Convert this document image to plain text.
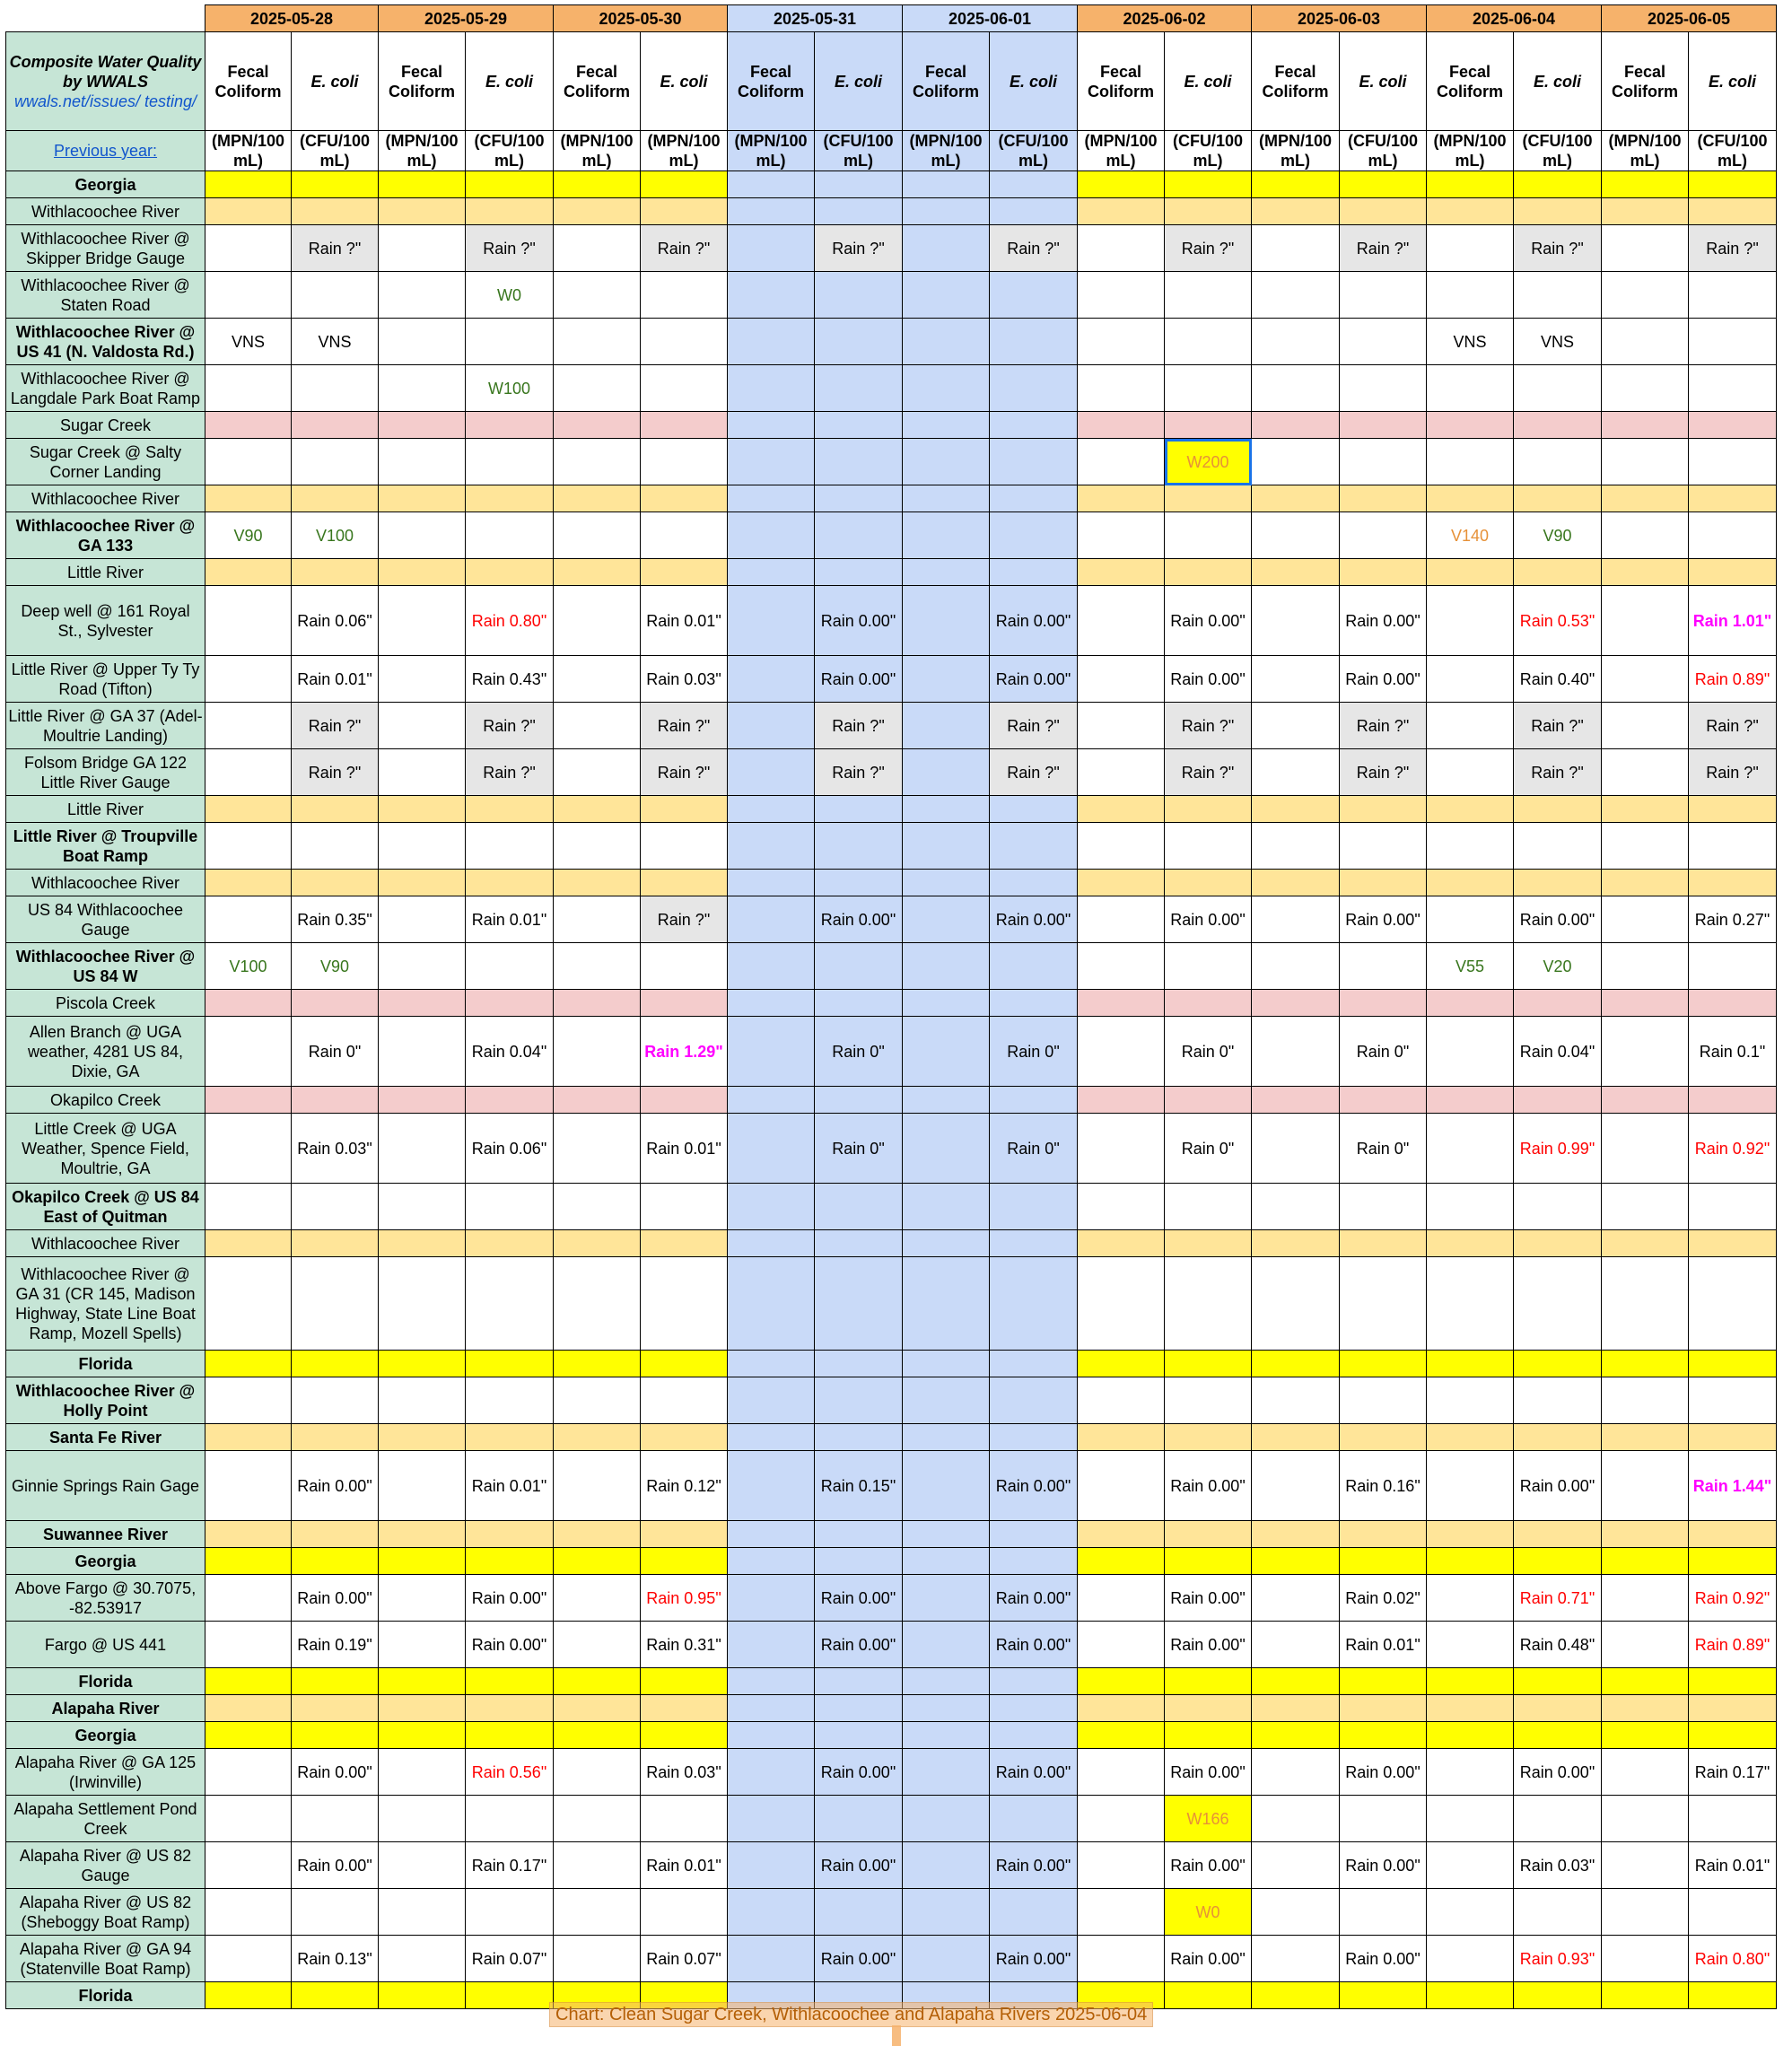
	2025-05-28		2025-05-29		2025-05-30		2025-05-31		2025-06-01		2025-06-02		2025-06-03		2025-06-04		2025-06-05	
Composite Water Quality by WWALS
wwals.net/issues/ testing/	Fecal Coliform	E. coli	Fecal Coliform	E. coli	Fecal Coliform	E. coli	Fecal Coliform	E. coli	Fecal Coliform	E. coli	Fecal Coliform	E. coli	Fecal Coliform	E. coli	Fecal Coliform	E. coli	Fecal Coliform	E. coli
Previous year:	(MPN/100 mL)	(CFU/100 mL)	(MPN/100 mL)	(CFU/100 mL)	(MPN/100 mL)	(MPN/100 mL)	(MPN/100 mL)	(CFU/100 mL)	(MPN/100 mL)	(CFU/100 mL)	(MPN/100 mL)	(CFU/100 mL)	(MPN/100 mL)	(CFU/100 mL)	(MPN/100 mL)	(CFU/100 mL)	(MPN/100 mL)	(CFU/100 mL)
Georgia																		
Withlacoochee River																		
Withlacoochee River @ Skipper Bridge Gauge		Rain ?"		Rain ?"		Rain ?"		Rain ?"		Rain ?"		Rain ?"		Rain ?"		Rain ?"		Rain ?"
Withlacoochee River @ Staten Road				W0														
Withlacoochee River @ US 41 (N. Valdosta Rd.)	VNS	VNS													VNS	VNS		
Withlacoochee River @ Langdale Park Boat Ramp				W100														
Sugar Creek																		
Sugar Creek @ Salty Corner Landing												W200						
Withlacoochee River																		
Withlacoochee River @ GA 133	V90	V100													V140	V90		
Little River																		
Deep well @ 161 Royal St., Sylvester		Rain 0.06"		Rain 0.80"		Rain 0.01"		Rain 0.00"		Rain 0.00"		Rain 0.00"		Rain 0.00"		Rain 0.53"		Rain 1.01"
Little River @ Upper Ty Ty Road (Tifton)		Rain 0.01"		Rain 0.43"		Rain 0.03"		Rain 0.00"		Rain 0.00"		Rain 0.00"		Rain 0.00"		Rain 0.40"		Rain 0.89"
Little River @ GA 37 (Adel-Moultrie Landing)		Rain ?"		Rain ?"		Rain ?"		Rain ?"		Rain ?"		Rain ?"		Rain ?"		Rain ?"		Rain ?"
Folsom Bridge GA 122 Little River Gauge		Rain ?"		Rain ?"		Rain ?"		Rain ?"		Rain ?"		Rain ?"		Rain ?"		Rain ?"		Rain ?"
Little River																		
Little River @ Troupville Boat Ramp																		
Withlacoochee River																		
US 84 Withlacoochee Gauge		Rain 0.35"		Rain 0.01"		Rain ?"		Rain 0.00"		Rain 0.00"		Rain 0.00"		Rain 0.00"		Rain 0.00"		Rain 0.27"
Withlacoochee River @ US 84 W	V100	V90													V55	V20		
Piscola Creek																		
Allen Branch @ UGA weather, 4281 US 84, Dixie, GA		Rain 0"		Rain 0.04"		Rain 1.29"		Rain 0"		Rain 0"		Rain 0"		Rain 0"		Rain 0.04"		Rain 0.1"
Okapilco Creek																		
Little Creek @ UGA Weather, Spence Field, Moultrie, GA		Rain 0.03"		Rain 0.06"		Rain 0.01"		Rain 0"		Rain 0"		Rain 0"		Rain 0"		Rain 0.99"		Rain 0.92"
Okapilco Creek @ US 84 East of Quitman																		
Withlacoochee River																		
Withlacoochee River @ GA 31 (CR 145, Madison Highway, State Line Boat Ramp, Mozell Spells)																		
Florida																		
Withlacoochee River @ Holly Point																		
Santa Fe River																		
Ginnie Springs Rain Gage		Rain 0.00"		Rain 0.01"		Rain 0.12"		Rain 0.15"		Rain 0.00"		Rain 0.00"		Rain 0.16"		Rain 0.00"		Rain 1.44"
Suwannee River																		
Georgia																		
Above Fargo @ 30.7075, -82.53917		Rain 0.00"		Rain 0.00"		Rain 0.95"		Rain 0.00"		Rain 0.00"		Rain 0.00"		Rain 0.02"		Rain 0.71"		Rain 0.92"
Fargo @ US 441		Rain 0.19"		Rain 0.00"		Rain 0.31"		Rain 0.00"		Rain 0.00"		Rain 0.00"		Rain 0.01"		Rain 0.48"		Rain 0.89"
Florida																		
Alapaha River																		
Georgia																		
Alapaha River @ GA 125 (Irwinville)		Rain 0.00"		Rain 0.56"		Rain 0.03"		Rain 0.00"		Rain 0.00"		Rain 0.00"		Rain 0.00"		Rain 0.00"		Rain 0.17"
Alapaha Settlement Pond Creek												W166						
Alapaha River @ US 82 Gauge		Rain 0.00"		Rain 0.17"		Rain 0.01"		Rain 0.00"		Rain 0.00"		Rain 0.00"		Rain 0.00"		Rain 0.03"		Rain 0.01"
Alapaha River @ US 82 (Sheboggy Boat Ramp)												W0						
Alapaha River @ GA 94 (Statenville Boat Ramp)		Rain 0.13"		Rain 0.07"		Rain 0.07"		Rain 0.00"		Rain 0.00"		Rain 0.00"		Rain 0.00"		Rain 0.93"		Rain 0.80"
Florida																		
Chart: Clean Sugar Creek, Withlacoochee and Alapaha Rivers 2025-06-04
